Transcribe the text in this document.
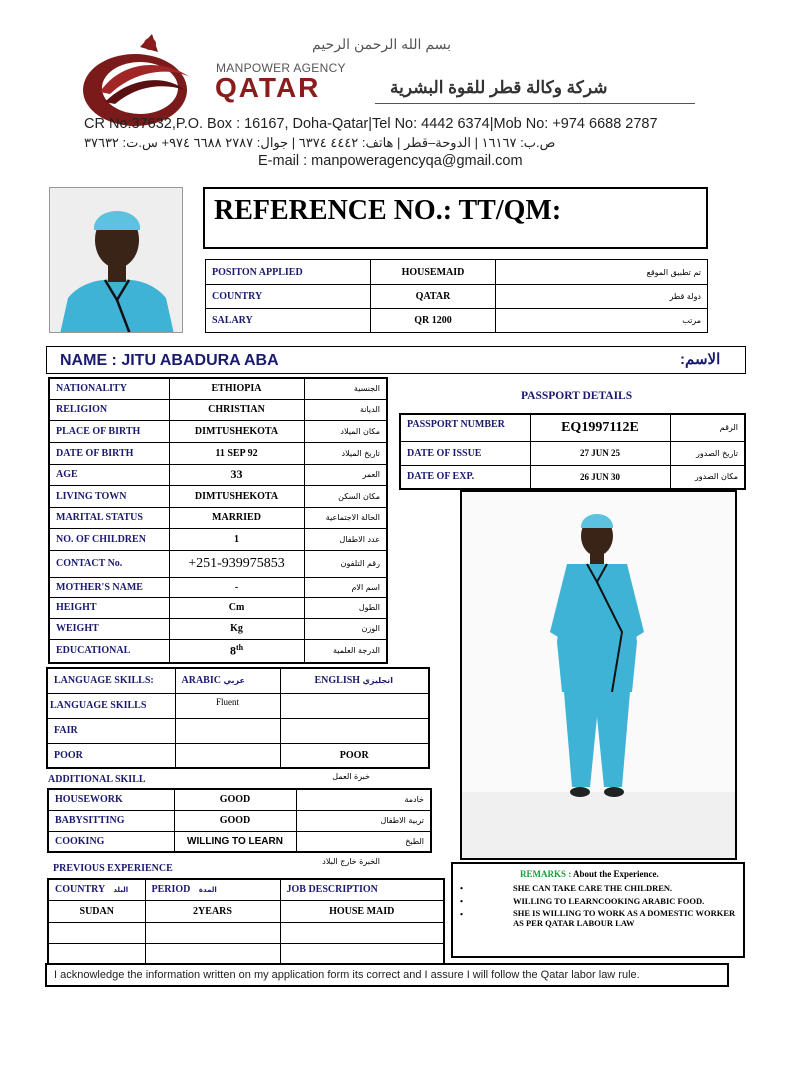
بسم الله الرحمن الرحيم
MANPOWER AGENCY
QATAR	شركة وكالة قطر للقوة البشرية
CR No:37632,P.O. Box : 16167, Doha-Qatar|Tel No: 4442 6374|Mob No: +974 6688 2787
ص.ب: ١٦١٦٧ | الدوحة–قطر | هاتف: ٤٤٤٢ ٦٣٧٤ | جوال: ٢٧٨٧ ٦٦٨٨ ٩٧٤+ س.ت: ٣٧٦٣٢
E-mail : manpoweragencyqa@gmail.com
REFERENCE NO.: TT/QM:
POSITON APPLIED	HOUSEMAID	تم تطبيق الموقع
COUNTRY	QATAR	دولة قطر
SALARY	QR 1200	مرتب
NAME : JITU ABADURA ABA	الاسم:
NATIONALITY	ETHIOPIA	الجنسية
RELIGION	CHRISTIAN	الديانة
PLACE OF BIRTH	DIMTUSHEKOTA	مكان الميلاد
DATE OF BIRTH	11 SEP 92	تاريخ الميلاد
AGE	33	العمر
LIVING TOWN	DIMTUSHEKOTA	مكان السكن
MARITAL STATUS	MARRIED	الحالة الاجتماعية
NO. OF CHILDREN	1	عدد الاطفال
CONTACT No.	+251-939975853	رقم التلفون
MOTHER'S NAME	-	اسم الام
HEIGHT	Cm	الطول
WEIGHT	Kg	الوزن
EDUCATIONAL	8th	الدرجة العلمية
PASSPORT DETAILS
PASSPORT NUMBER	EQ1997112E	الرقم
DATE OF ISSUE	27 JUN 25	تاريخ الصدور
DATE OF EXP.	26 JUN 30	مكان الصدور
LANGUAGE SKILLS:	ARABIC عربي	ENGLISH انجليزي
LANGUAGE SKILLS	Fluent	
FAIR		
POOR		POOR
ADDITIONAL SKILL	خبرة العمل
HOUSEWORK	GOOD	خادمة
BABYSITTING	GOOD	تربية الاطفال
COOKING	WILLING TO LEARN	الطبخ
PREVIOUS EXPERIENCE
الخبرة خارج البلاد
COUNTRY البلد	PERIOD المدة	JOB DESCRIPTION
SUDAN	2YEARS	HOUSE MAID

REMARKS : About the Experience.
•	SHE CAN TAKE CARE THE CHILDREN.
•	WILLING TO LEARNCOOKING ARABIC FOOD.
•	SHE IS WILLING TO WORK AS A DOMESTIC WORKER AS PER QATAR LABOUR LAW
I acknowledge the information written on my application form its correct and I assure I will follow the Qatar labor law rule.
